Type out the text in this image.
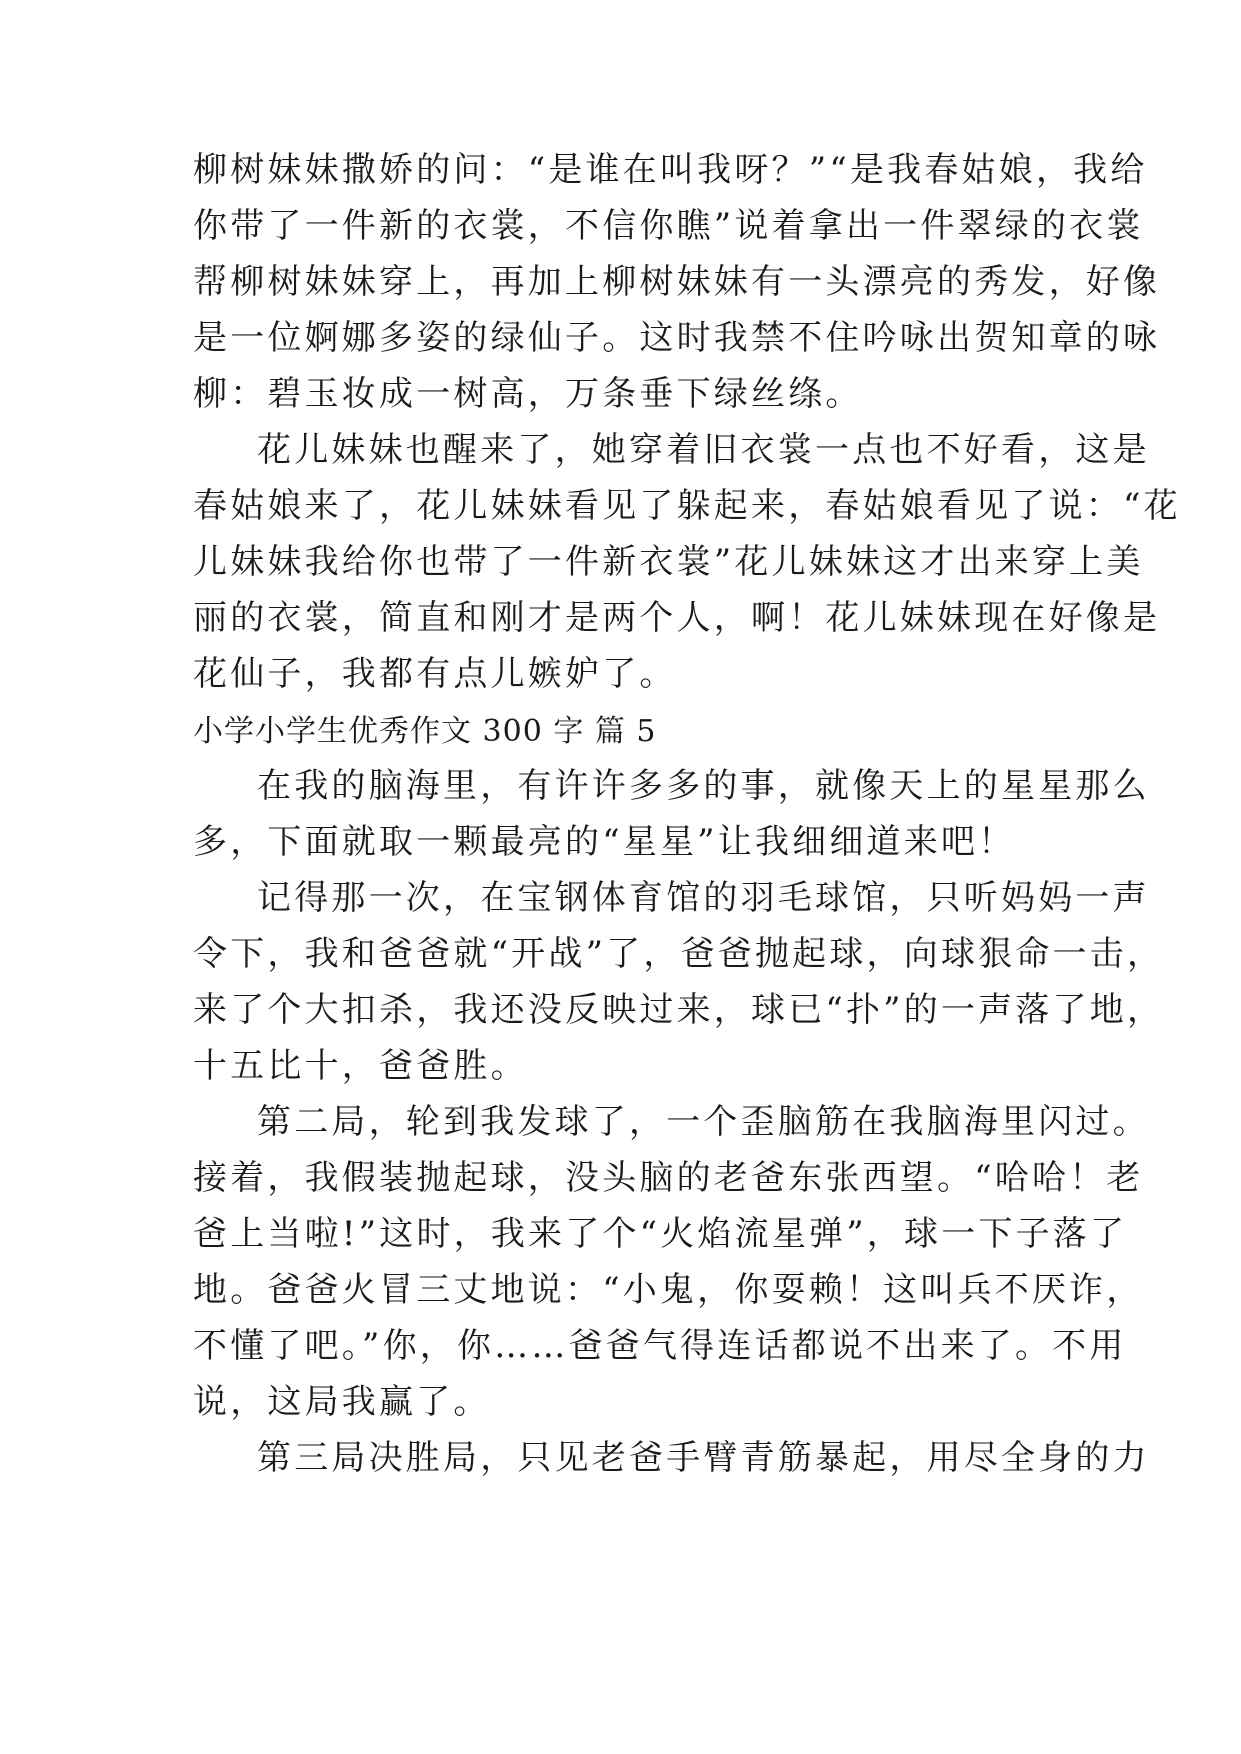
柳树妹妹撒娇的问：“是谁在叫我呀？”“是我春姑娘，我给
你带了一件新的衣裳，不信你瞧”说着拿出一件翠绿的衣裳
帮柳树妹妹穿上，再加上柳树妹妹有一头漂亮的秀发，好像
是一位婀娜多姿的绿仙子。这时我禁不住吟咏出贺知章的咏
柳：碧玉妆成一树高，万条垂下绿丝绦。
花儿妹妹也醒来了，她穿着旧衣裳一点也不好看，这是
春姑娘来了，花儿妹妹看见了躲起来，春姑娘看见了说：“花
儿妹妹我给你也带了一件新衣裳”花儿妹妹这才出来穿上美
丽的衣裳，简直和刚才是两个人，啊！花儿妹妹现在好像是
花仙子，我都有点儿嫉妒了。
小学小学生优秀作文 300 字 篇 5
在我的脑海里，有许许多多的事，就像天上的星星那么
多，下面就取一颗最亮的“星星”让我细细道来吧！
记得那一次，在宝钢体育馆的羽毛球馆，只听妈妈一声
令下，我和爸爸就“开战”了，爸爸抛起球，向球狠命一击，
来了个大扣杀，我还没反映过来，球已“扑”的一声落了地，
十五比十，爸爸胜。
第二局，轮到我发球了，一个歪脑筋在我脑海里闪过。
接着，我假装抛起球，没头脑的老爸东张西望。“哈哈！老
爸上当啦!”这时，我来了个“火焰流星弹”，球一下子落了
地。爸爸火冒三丈地说：“小鬼，你耍赖！这叫兵不厌诈，
不懂了吧。”你，你……爸爸气得连话都说不出来了。不用
说，这局我赢了。
第三局决胜局，只见老爸手臂青筋暴起，用尽全身的力
